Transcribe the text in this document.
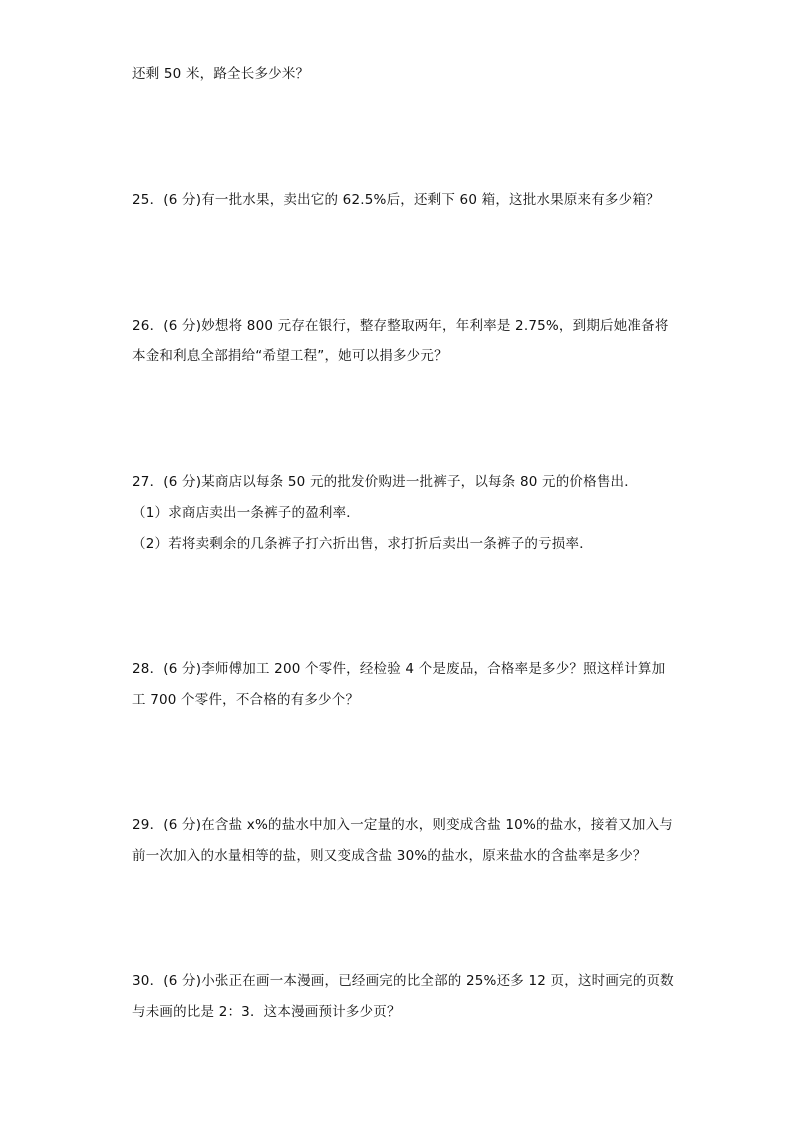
还剩 50 米，路全长多少米？
25．(6 分)有一批水果，卖出它的 62.5%后，还剩下 60 箱，这批水果原来有多少箱？
26．(6 分)妙想将 800 元存在银行，整存整取两年，年利率是 2.75%，到期后她准备将
本金和利息全部捐给“希望工程”，她可以捐多少元？
27．(6 分)某商店以每条 50 元的批发价购进一批裤子，以每条 80 元的价格售出．
（1）求商店卖出一条裤子的盈利率．
（2）若将卖剩余的几条裤子打六折出售，求打折后卖出一条裤子的亏损率．
28．(6 分)李师傅加工 200 个零件，经检验 4 个是废品，合格率是多少？照这样计算加
工 700 个零件，不合格的有多少个？
29．(6 分)在含盐 x%的盐水中加入一定量的水，则变成含盐 10%的盐水，接着又加入与
前一次加入的水量相等的盐，则又变成含盐 30%的盐水，原来盐水的含盐率是多少？
30．(6 分)小张正在画一本漫画，已经画完的比全部的 25%还多 12 页，这时画完的页数
与未画的比是 2：3．这本漫画预计多少页？
